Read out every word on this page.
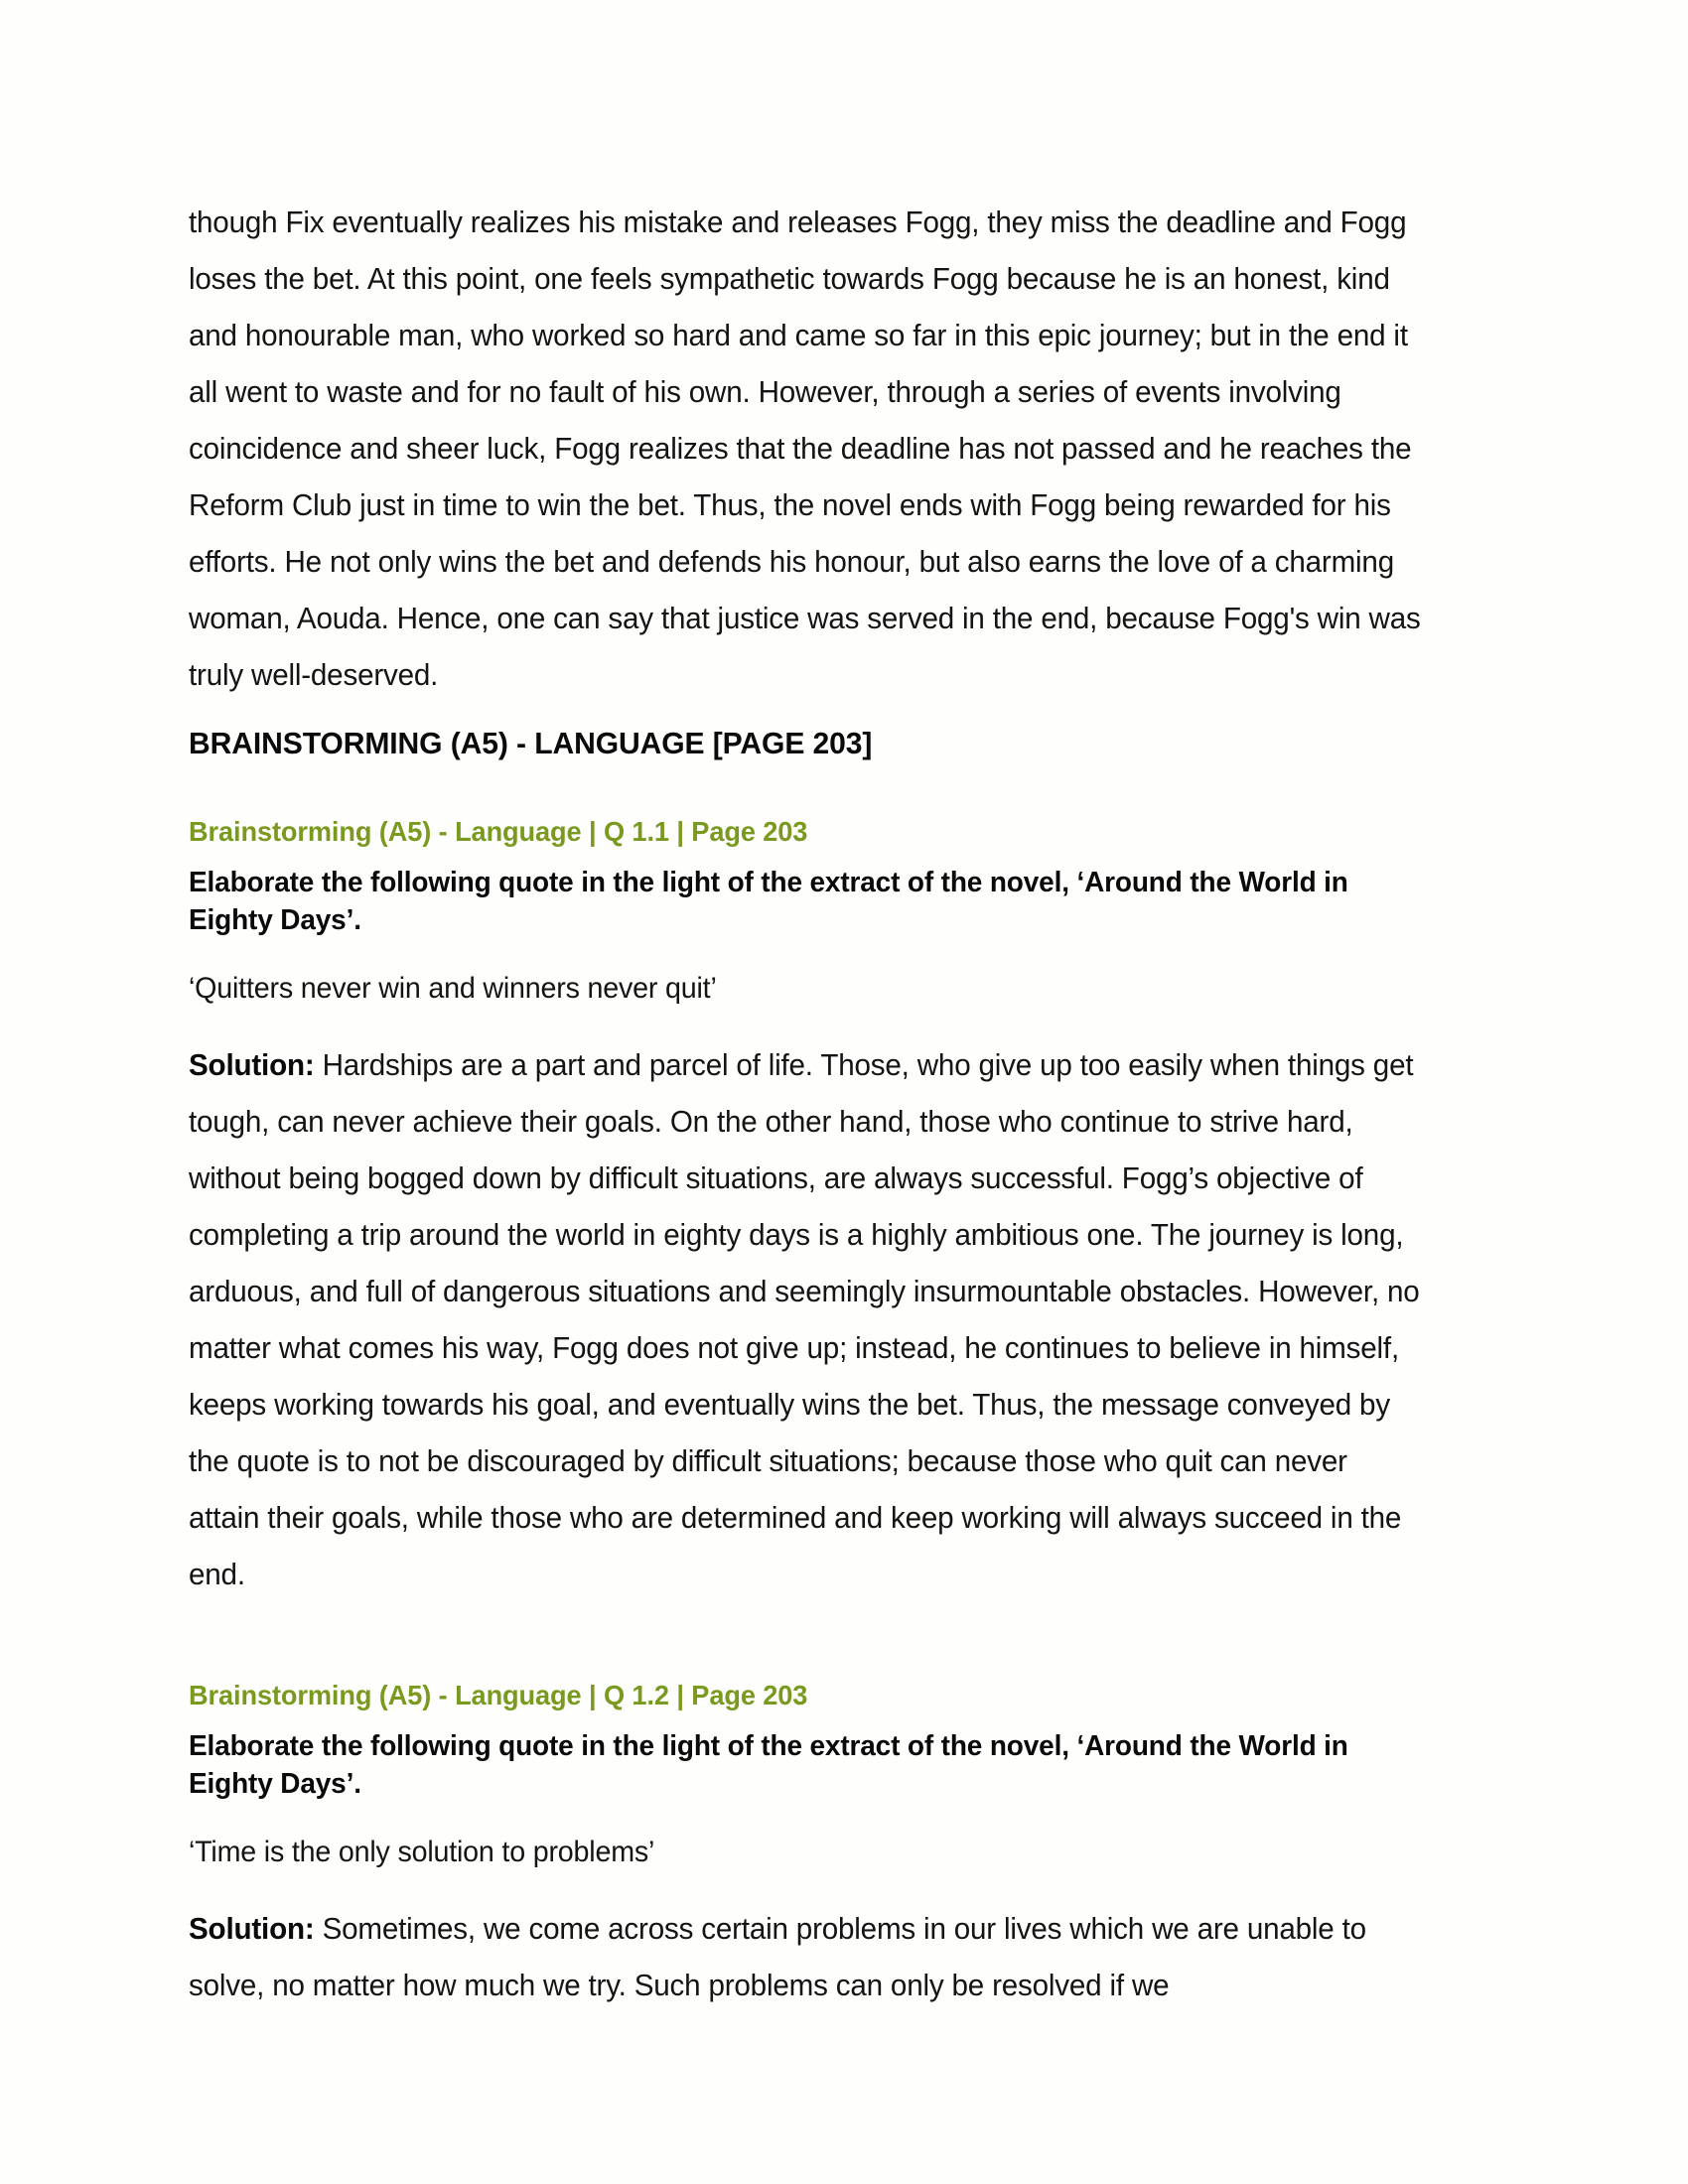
though Fix eventually realizes his mistake and releases Fogg, they miss the deadline and Fogg loses the bet. At this point, one feels sympathetic towards Fogg because he is an honest, kind and honourable man, who worked so hard and came so far in this epic journey; but in the end it all went to waste and for no fault of his own. However, through a series of events involving coincidence and sheer luck, Fogg realizes that the deadline has not passed and he reaches the Reform Club just in time to win the bet. Thus, the novel ends with Fogg being rewarded for his efforts. He not only wins the bet and defends his honour, but also earns the love of a charming woman, Aouda. Hence, one can say that justice was served in the end, because Fogg's win was truly well-deserved.

BRAINSTORMING (A5) - LANGUAGE [PAGE 203]
Brainstorming (A5) - Language | Q 1.1 | Page 203

Elaborate the following quote in the light of the extract of the novel, ‘Around the World in Eighty Days’.

‘Quitters never win and winners never quit’

Solution: Hardships are a part and parcel of life. Those, who give up too easily when things get tough, can never achieve their goals. On the other hand, those who continue to strive hard, without being bogged down by difficult situations, are always successful. Fogg’s objective of completing a trip around the world in eighty days is a highly ambitious one. The journey is long, arduous, and full of dangerous situations and seemingly insurmountable obstacles. However, no matter what comes his way, Fogg does not give up; instead, he continues to believe in himself, keeps working towards his goal, and eventually wins the bet. Thus, the message conveyed by the quote is to not be discouraged by difficult situations; because those who quit can never attain their goals, while those who are determined and keep working will always succeed in the end.

Brainstorming (A5) - Language | Q 1.2 | Page 203

Elaborate the following quote in the light of the extract of the novel, ‘Around the World in Eighty Days’.

‘Time is the only solution to problems’

Solution: Sometimes, we come across certain problems in our lives which we are unable to solve, no matter how much we try. Such problems can only be resolved if we
